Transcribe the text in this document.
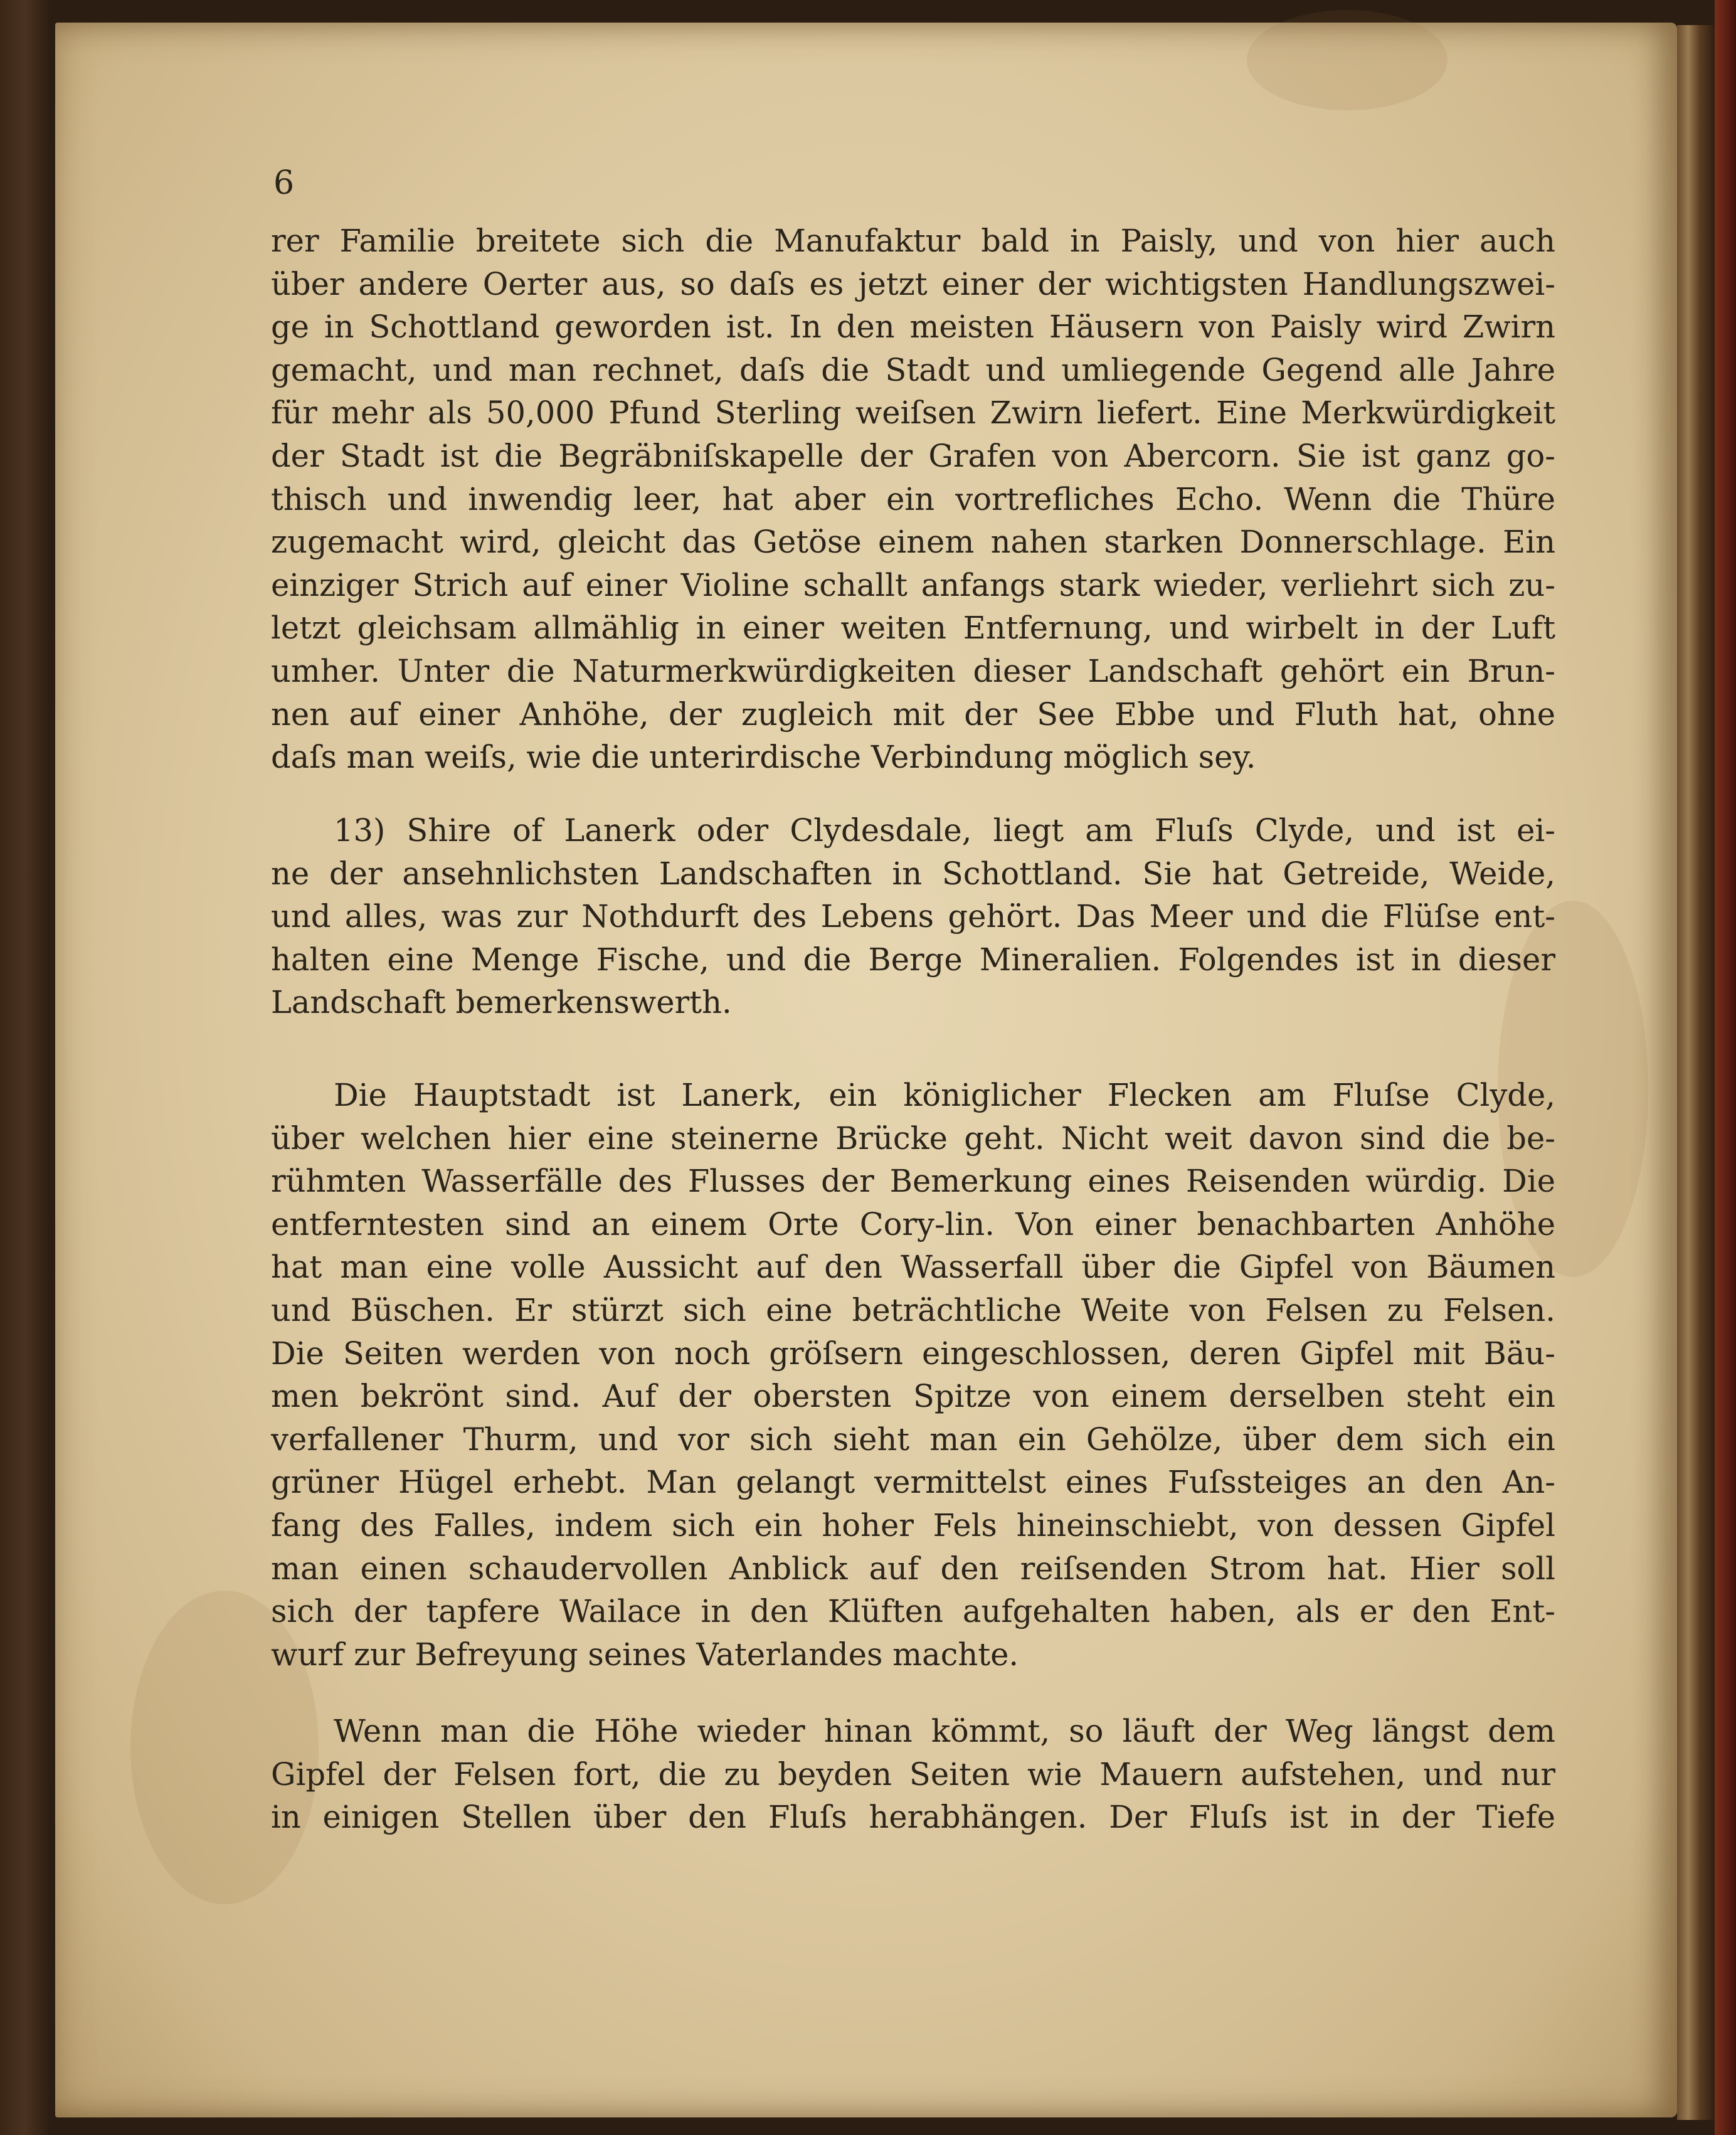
6
rer Familie breitete sich die Manufaktur bald in Paisly, und von hier auch
über andere Oerter aus, so daſs es jetzt einer der wichtigsten Handlungszwei-
ge in Schottland geworden ist. In den meisten Häusern von Paisly wird Zwirn
gemacht, und man rechnet, daſs die Stadt und umliegende Gegend alle Jahre
für mehr als 50,000 Pfund Sterling weiſsen Zwirn liefert. Eine Merkwürdigkeit
der Stadt ist die Begräbniſskapelle der Grafen von Abercorn. Sie ist ganz go-
thisch und inwendig leer, hat aber ein vortrefliches Echo. Wenn die Thüre
zugemacht wird, gleicht das Getöse einem nahen starken Donnerschlage. Ein
einziger Strich auf einer Violine schallt anfangs stark wieder, verliehrt sich zu-
letzt gleichsam allmählig in einer weiten Entfernung, und wirbelt in der Luft
umher. Unter die Naturmerkwürdigkeiten dieser Landschaft gehört ein Brun-
nen auf einer Anhöhe, der zugleich mit der See Ebbe und Fluth hat, ohne
daſs man weiſs, wie die unterirdische Verbindung möglich sey.
13) Shire of Lanerk oder Clydesdale, liegt am Fluſs Clyde, und ist ei-
ne der ansehnlichsten Landschaften in Schottland. Sie hat Getreide, Weide,
und alles, was zur Nothdurft des Lebens gehört. Das Meer und die Flüſse ent-
halten eine Menge Fische, und die Berge Mineralien. Folgendes ist in dieser
Landschaft bemerkenswerth.
Die Hauptstadt ist Lanerk, ein königlicher Flecken am Fluſse Clyde,
über welchen hier eine steinerne Brücke geht. Nicht weit davon sind die be-
rühmten Wasserfälle des Flusses der Bemerkung eines Reisenden würdig. Die
entferntesten sind an einem Orte Cory-lin. Von einer benachbarten Anhöhe
hat man eine volle Aussicht auf den Wasserfall über die Gipfel von Bäumen
und Büschen. Er stürzt sich eine beträchtliche Weite von Felsen zu Felsen.
Die Seiten werden von noch gröſsern eingeschlossen, deren Gipfel mit Bäu-
men bekrönt sind. Auf der obersten Spitze von einem derselben steht ein
verfallener Thurm, und vor sich sieht man ein Gehölze, über dem sich ein
grüner Hügel erhebt. Man gelangt vermittelst eines Fuſssteiges an den An-
fang des Falles, indem sich ein hoher Fels hineinschiebt, von dessen Gipfel
man einen schaudervollen Anblick auf den reiſsenden Strom hat. Hier soll
sich der tapfere Wailace in den Klüften aufgehalten haben, als er den Ent-
wurf zur Befreyung seines Vaterlandes machte.
Wenn man die Höhe wieder hinan kömmt, so läuft der Weg längst dem
Gipfel der Felsen fort, die zu beyden Seiten wie Mauern aufstehen, und nur
in einigen Stellen über den Fluſs herabhängen. Der Fluſs ist in der Tiefe
